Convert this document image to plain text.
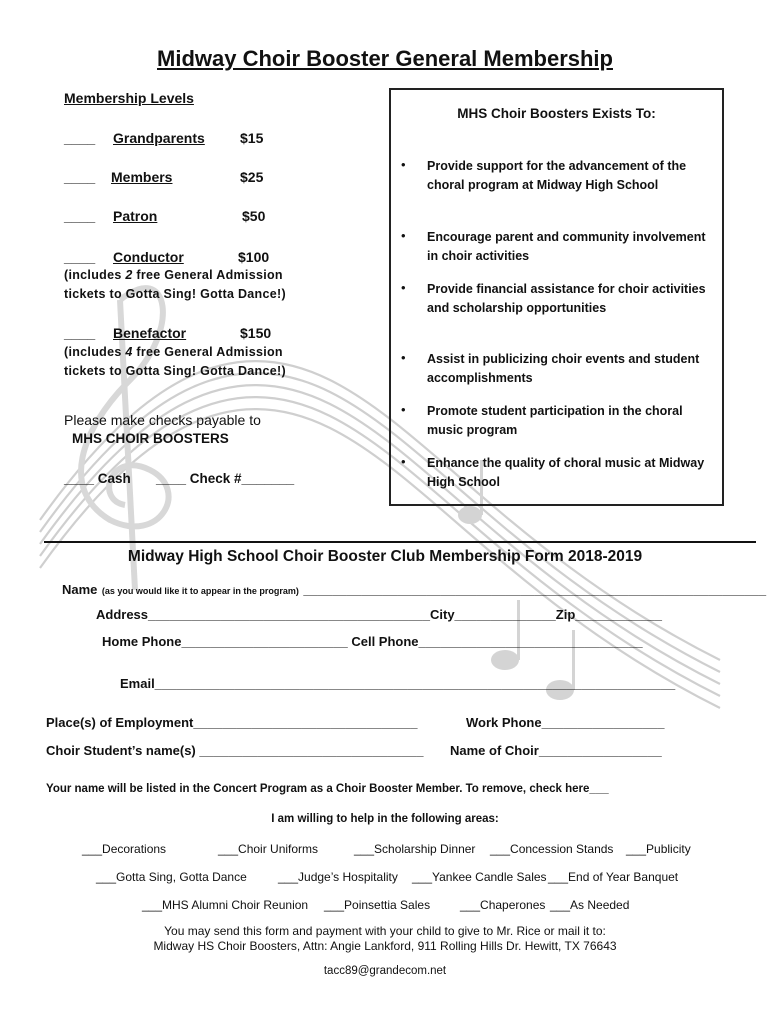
Midway Choir Booster General Membership
Membership Levels
____ Grandparents	$15
____ Members	$25
____ Patron	$50
____ Conductor	$100
(includes 2 free General Admission
tickets to Gotta Sing! Gotta Dance!)
____ Benefactor	$150
(includes 4 free General Admission
tickets to Gotta Sing! Gotta Dance!)
Please make checks payable to
MHS CHOIR BOOSTERS
____ Cash ____ Check #_______
MHS Choir Boosters Exists To:
•	Provide support for the advancement of the choral program at Midway High School
•	Encourage parent and community involvement in choir activities
•	Provide financial assistance for choir activities and scholarship opportunities
•	Assist in publicizing choir events and student accomplishments
•	Promote student participation in the choral music program
•	Enhance the quality of choral music at Midway High School
Midway High School Choir Booster Club Membership Form 2018-2019
Name (as you would like it to appear in the program) ________________________________________________________________
Address_______________________________________City______________Zip____________
Home Phone_______________________ Cell Phone_______________________________
Email________________________________________________________________________
Place(s) of Employment_______________________________	Work Phone_________________
Choir Student’s name(s) _______________________________ Name of Choir_________________
Your name will be listed in the Concert Program as a Choir Booster Member. To remove, check here___
I am willing to help in the following areas:
___Decorations	___Choir Uniforms	___Scholarship Dinner ___Concession Stands ___Publicity
___Gotta Sing, Gotta Dance	___Judge’s Hospitality ___Yankee Candle Sales ___End of Year Banquet
___MHS Alumni Choir Reunion ___Poinsettia Sales ___Chaperones ___As Needed
You may send this form and payment with your child to give to Mr. Rice or mail it to:
Midway HS Choir Boosters, Attn: Angie Lankford, 911 Rolling Hills Dr. Hewitt, TX 76643
tacc89@grandecom.net
